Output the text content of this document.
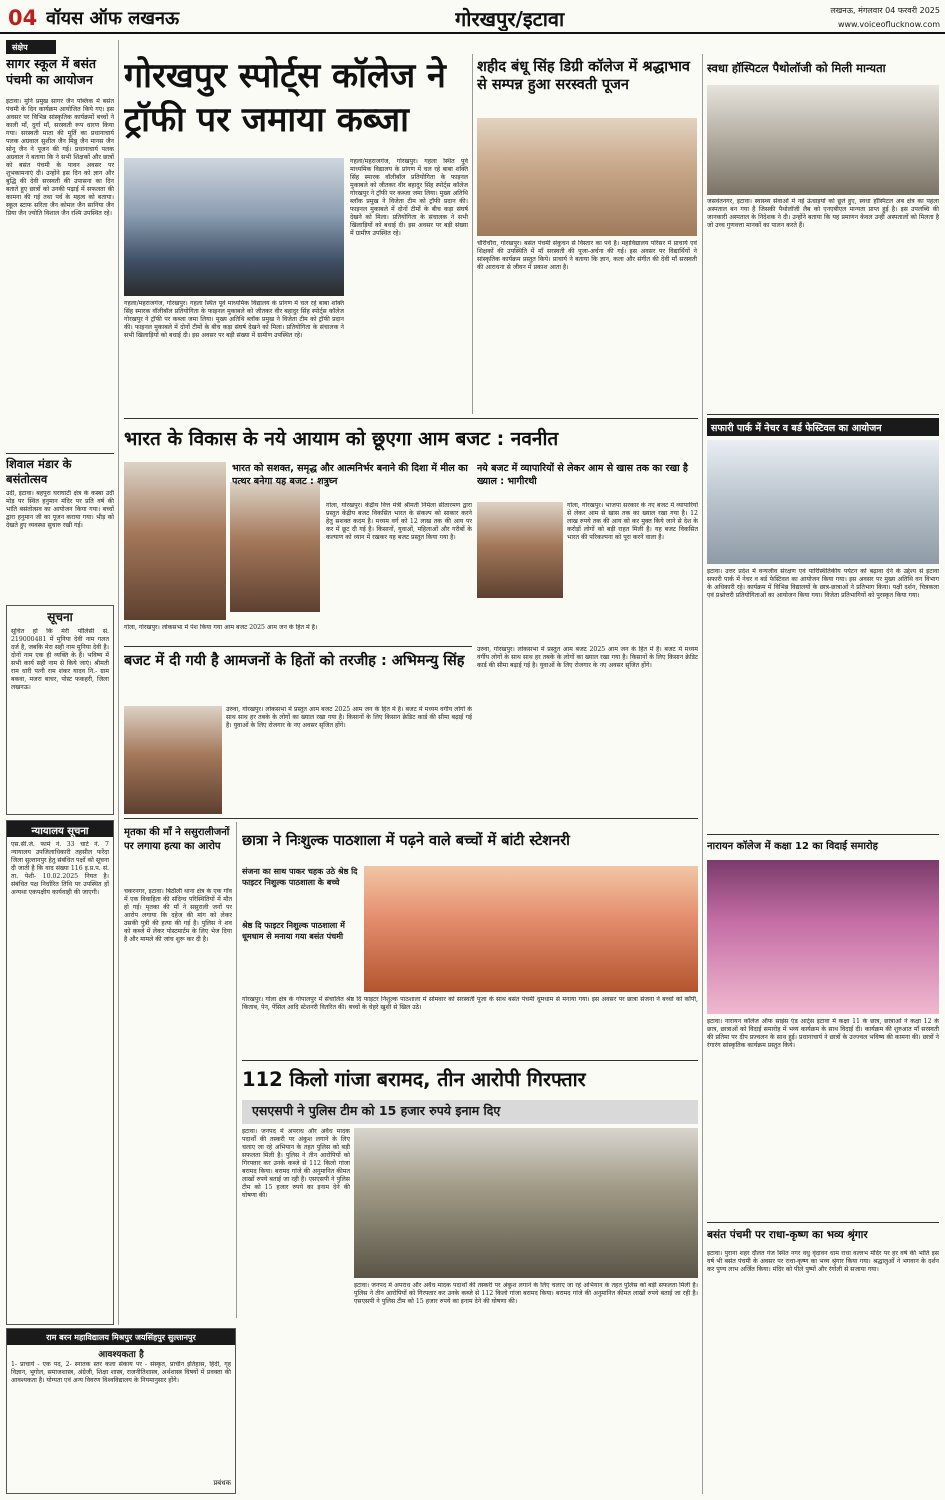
04 वॉयस ऑफ लखनऊ	गोरखपुर/इटावा	लखनऊ, मंगलवार 04 फरवरी 2025
www.voiceoflucknow.com
संक्षेप
सागर स्कूल में बसंत पंचमी का आयोजन
इटावा। मुनि प्रमुख सागर जैन पब्लिक में बसंत पंचमी के दिन कार्यक्रम आयोजित किये गए। इस अवसर पर विभिन्न सांस्कृतिक कार्यक्रमों बच्चों ने काली माँ, दुर्गा माँ, सरस्वती रूप धारण किया गया। सरस्वती माता की मूर्ति का प्रधानाचार्य पलक अग्रवाल सुशील जैन मिन्नु जैन मानस जैन सोनू जैन ने पूजन की गई। प्रधानाचार्य पलक अग्रवाल ने बताया कि ने सभी शिक्षकों और छात्रों को बसंत पंचमी के पावन अवसर पर शुभकामनाएं दी। उन्होंने इस दिन को ज्ञान और बुद्धि की देवी सरस्वती की उपासना का दिन बताते हुए छात्रों को उनकी पढ़ाई में सफलता की कामना की गई तथा पर्व के महत्व को बताया। स्कूल स्टाफ सरिता जैन कोमल जैन सानिया जैन प्रिया जैन ज्योति विशाल जैन रश्मि उपस्थित रहे।
शिवाल मंडार के बसंतोत्सव
उर्दी, इटावा। बहपुरा घराघाटी क्षेत्र के कस्बा उर्दी मोड़ पर स्थित हनुमान मंदिर पर प्रति वर्ष की भांति बसंतोत्सव का आयोजन किया गया। बच्चों द्वारा हनुमान जी का पूजन कराया गया। भीड़ को देखते हुए व्यवस्था सुचारु रखी गई।
सूचना
सूचित हो कि मेरी पॉलिसी सं. 219000481 में मुनिया देवी नाम गलत दर्ज है, जबकि मेरा सही नाम मुनिया देवी है। दोनों नाम एक ही व्यक्ति के हैं। भविष्य में सभी कार्य सही नाम से किये जाएं। श्रीमती राम धारी पत्नी राम शंकर यादव नि.- ग्राम बकवा, मजरा बाचर, पोस्ट फकहरी, जिला लखनऊ।
न्यायालय सूचना
एस.सी.जे. फार्म नं. 33 चार्ट नं. 7 न्यायालय उपजिलाधिकारी तहसील फरेंदा जिला सुल्तानपुर हेतु संबंधित पक्षों को सूचना दी जाती है कि वाद संख्या 116 इ.प्र.प. सं. ता. पेशी- 10.02.2025 नियत है। संबंधित पक्ष निर्धारित तिथि पर उपस्थित हों अन्यथा एकपक्षीय कार्यवाही की जाएगी।
गोरखपुर स्पोर्ट्स कॉलेज ने ट्रॉफी पर जमाया कब्जा
गहला/महराजगंज, गोरखपुर। गहला स्थित पूर्व माध्यमिक विद्यालय के प्रांगण में चल रहे बाबा शक्ति सिंह स्मारक वॉलीबॉल प्रतियोगिता के फाइनल मुकाबले को जीतकर वीर बहादुर सिंह स्पोर्ट्स कॉलेज गोरखपुर ने ट्रॉफी पर कब्जा जमा लिया। मुख्य अतिथि ब्लॉक प्रमुख ने विजेता टीम को ट्रॉफी प्रदान की। फाइनल मुकाबले में दोनों टीमों के बीच कड़ा संघर्ष देखने को मिला। प्रतियोगिता के संचालक ने सभी खिलाड़ियों को बधाई दी। इस अवसर पर बड़ी संख्या में ग्रामीण उपस्थित रहे।
गहला/महराजगंज, गोरखपुर। गहला स्थित पूर्व माध्यमिक विद्यालय के प्रांगण में चल रहे बाबा शक्ति सिंह स्मारक वॉलीबॉल प्रतियोगिता के फाइनल मुकाबले को जीतकर वीर बहादुर सिंह स्पोर्ट्स कॉलेज गोरखपुर ने ट्रॉफी पर कब्जा जमा लिया। मुख्य अतिथि ब्लॉक प्रमुख ने विजेता टीम को ट्रॉफी प्रदान की। फाइनल मुकाबले में दोनों टीमों के बीच कड़ा संघर्ष देखने को मिला। प्रतियोगिता के संचालक ने सभी खिलाड़ियों को बधाई दी। इस अवसर पर बड़ी संख्या में ग्रामीण उपस्थित रहे।
शहीद बंधू सिंह डिग्री कॉलेज में श्रद्धाभाव से सम्पन्न हुआ सरस्वती पूजन
चौरीचौरा, गोरखपुर। बसंत पंचमी संकुचन से विस्तार का पर्व है। महाविद्यालय परिसर में प्राचार्य एवं शिक्षकों की उपस्थिति में माँ सरस्वती की पूजा-अर्चना की गई। इस अवसर पर विद्यार्थियों ने सांस्कृतिक कार्यक्रम प्रस्तुत किये। प्राचार्य ने बताया कि ज्ञान, कला और संगीत की देवी माँ सरस्वती की आराधना से जीवन में प्रकाश आता है।
स्वधा हॉस्पिटल पैथोलॉजी को मिली मान्यता
जसवंतनगर, इटावा। स्वास्थ्य सेवाओं में नई ऊंचाइयों को छूते हुए, स्वधा हॉस्पिटल अब क्षेत्र का पहला अस्पताल बन गया है जिसकी पैथोलॉजी लैब को एनएबीएल मान्यता प्राप्त हुई है। इस उपलब्धि की जानकारी अस्पताल के निदेशक ने दी। उन्होंने बताया कि यह प्रमाणन केवल उन्हीं अस्पतालों को मिलता है जो उच्च गुणवत्ता मानकों का पालन करते हैं।
भारत के विकास के नये आयाम को छूएगा आम बजट : नवनीत
भारत को सशक्त, समृद्ध और आत्मनिर्भर बनाने की दिशा में मील का पत्थर बनेगा यह बजट : शत्रुघ्न
गोला, गोरखपुर। केंद्रीय वित्त मंत्री श्रीमती निर्मला सीतारमण द्वारा प्रस्तुत केंद्रीय बजट विकसित भारत के संकल्प को साकार करने हेतु सशक्त कदम है। मध्यम वर्ग को 12 लाख तक की आय पर कर में छूट दी गई है। किसानों, युवाओं, महिलाओं और गरीबों के कल्याण को ध्यान में रखकर यह बजट प्रस्तुत किया गया है।
गोला, गोरखपुर। लोकसभा में पेश किया गया आम बजट 2025 आम जन के हित में है।
नये बजट में व्यापारियों से लेकर आम से खास तक का रखा है ख्याल : भागीरथी
गोला, गोरखपुर। भाजपा सरकार के नए बजट में व्यापारियों से लेकर आम से खास तक का ख्याल रखा गया है। 12 लाख रुपये तक की आय को कर मुक्त किये जाने से देश के करोड़ों लोगों को बड़ी राहत मिली है। यह बजट विकसित भारत की परिकल्पना को पूरा करने वाला है।
बजट में दी गयी है आमजनों के हितों को तरजीह : अभिमन्यु सिंह
उरुवा, गोरखपुर। लोकसभा में प्रस्तुत आम बजट 2025 आम जन के हित में है। बजट में मध्यम वर्गीय लोगों के साथ साथ हर तबके के लोगों का ख्याल रखा गया है। किसानों के लिए किसान क्रेडिट कार्ड की सीमा बढ़ाई गई है। युवाओं के लिए रोजगार के नए अवसर सृजित होंगे।
उरुवा, गोरखपुर। लोकसभा में प्रस्तुत आम बजट 2025 आम जन के हित में है। बजट में मध्यम वर्गीय लोगों के साथ साथ हर तबके के लोगों का ख्याल रखा गया है। किसानों के लिए किसान क्रेडिट कार्ड की सीमा बढ़ाई गई है। युवाओं के लिए रोजगार के नए अवसर सृजित होंगे।
सफारी पार्क में नेचर व बर्ड फेस्टिवल का आयोजन
इटावा। उत्तर प्रदेश में वन्यजीव संरक्षण एवं पारिस्थितिकीय पर्यटन को बढ़ावा देने के उद्देश्य से इटावा सफारी पार्क में नेचर व बर्ड फेस्टिवल का आयोजन किया गया। इस अवसर पर मुख्य अतिथि वन विभाग के अधिकारी रहे। कार्यक्रम में विभिन्न विद्यालयों के छात्र-छात्राओं ने प्रतिभाग किया। पक्षी दर्शन, चित्रकला एवं प्रश्नोत्तरी प्रतियोगिताओं का आयोजन किया गया। विजेता प्रतिभागियों को पुरस्कृत किया गया।
नारायन कॉलेज में कक्षा 12 का विदाई समारोह
इटावा। नारायन कॉलेज ऑफ साइंस एंड आर्ट्स इटावा में कक्षा 11 के छात्र, छात्राओं ने कक्षा 12 के छात्र, छात्राओं को विदाई समारोह में भव्य कार्यक्रम के साथ विदाई दी। कार्यक्रम की शुरुआत माँ सरस्वती की प्रतिमा पर दीप प्रज्वलन के साथ हुई। प्रधानाचार्य ने छात्रों के उज्ज्वल भविष्य की कामना की। छात्रों ने रंगारंग सांस्कृतिक कार्यक्रम प्रस्तुत किये।
बसंत पंचमी पर राधा-कृष्ण का भव्य श्रृंगार
इटावा। पुराना शहर दौलत गंज स्थित नगर वधु वृंदावन धाम राधा वल्लभ मंदिर पर हर वर्ष की भांति इस वर्ष भी बसंत पंचमी के अवसर पर राधा-कृष्ण का भव्य श्रृंगार किया गया। श्रद्धालुओं ने भगवान के दर्शन कर पुण्य लाभ अर्जित किया। मंदिर को पीले पुष्पों और रंगोली से सजाया गया।
मृतका की माँ ने ससुरालीजनों पर लगाया हत्या का आरोप
चकरनगर, इटावा। बिठौली थाना क्षेत्र के एक गाँव में एक विवाहिता की संदिग्ध परिस्थितियों में मौत हो गई। मृतका की माँ ने ससुराली जनों पर आरोप लगाया कि दहेज की मांग को लेकर उसकी पुत्री की हत्या की गई है। पुलिस ने शव को कब्जे में लेकर पोस्टमार्टम के लिए भेज दिया है और मामले की जांच शुरू कर दी है।
छात्रा ने निःशुल्क पाठशाला में पढ़ने वाले बच्चों में बांटी स्टेशनरी
संजना का साथ पाकर चहक उठे श्रेष्ठ दि फाइटर निशुल्क पाठशाला के बच्चे
श्रेष्ठ दि फाइटर निशुल्क पाठशाला में धूमधाम से मनाया गया बसंत पंचमी
गोरखपुर। गोला क्षेत्र के गोपालपुर में संचालित श्रेष्ठ दि फाइटर निशुल्क पाठशाला में सोमवार को सरस्वती पूजा के साथ बसंत पंचमी धूमधाम से मनाया गया। इस अवसर पर छात्रा संजना ने बच्चों को कॉपी, किताब, पेन, पेंसिल आदि स्टेशनरी वितरित की। बच्चों के चेहरे खुशी से खिल उठे।
112 किलो गांजा बरामद, तीन आरोपी गिरफ्तार
एसएसपी ने पुलिस टीम को 15 हजार रुपये इनाम दिए
इटावा। जनपद में अपराध और अवैध मादक पदार्थों की तस्करी पर अंकुश लगाने के लिए चलाए जा रहे अभियान के तहत पुलिस को बड़ी सफलता मिली है। पुलिस ने तीन आरोपियों को गिरफ्तार कर उनके कब्जे से 112 किलो गांजा बरामद किया। बरामद गांजे की अनुमानित कीमत लाखों रुपये बताई जा रही है। एसएसपी ने पुलिस टीम को 15 हजार रुपये का इनाम देने की घोषणा की।
इटावा। जनपद में अपराध और अवैध मादक पदार्थों की तस्करी पर अंकुश लगाने के लिए चलाए जा रहे अभियान के तहत पुलिस को बड़ी सफलता मिली है। पुलिस ने तीन आरोपियों को गिरफ्तार कर उनके कब्जे से 112 किलो गांजा बरामद किया। बरामद गांजे की अनुमानित कीमत लाखों रुपये बताई जा रही है। एसएसपी ने पुलिस टीम को 15 हजार रुपये का इनाम देने की घोषणा की।
राम बरन महाविद्यालय मिश्रपुर जयसिंहपुर सुल्तानपुर
आवश्यकता है
1- प्राचार्य - एक पद, 2- स्नातक स्तर कला संकाय पर - संस्कृत, प्राचीन इतिहास, हिंदी, गृह विज्ञान, भूगोल, समाजशास्त्र, अंग्रेजी, शिक्षा शास्त्र, राजनीतिशास्त्र, अर्थशास्त्र विषयों में प्रवक्ता की आवश्यकता है। योग्यता एवं अन्य विवरण विश्वविद्यालय के नियमानुसार होंगे।
प्रबंधक
